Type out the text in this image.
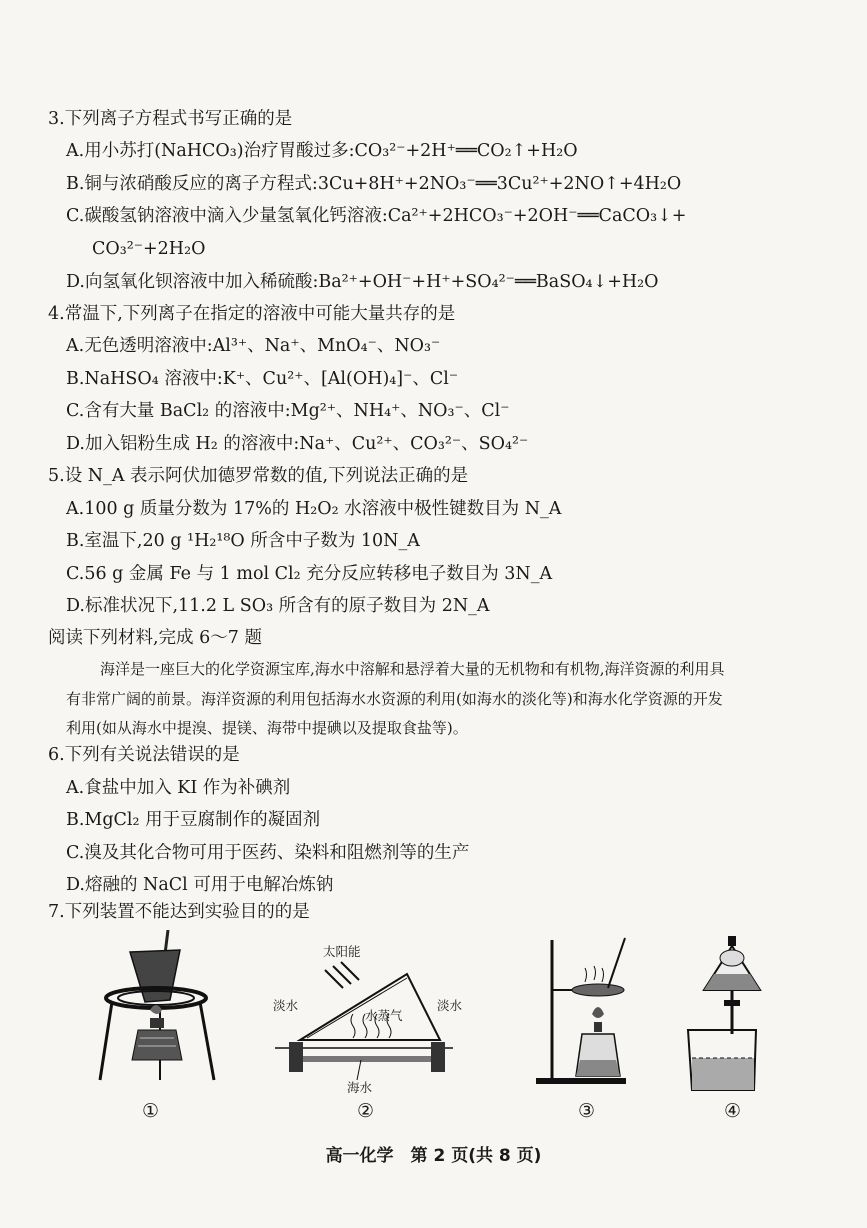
3.下列离子方程式书写正确的是
A.用小苏打(NaHCO₃)治疗胃酸过多:CO₃²⁻+2H⁺══CO₂↑+H₂O
B.铜与浓硝酸反应的离子方程式:3Cu+8H⁺+2NO₃⁻══3Cu²⁺+2NO↑+4H₂O
C.碳酸氢钠溶液中滴入少量氢氧化钙溶液:Ca²⁺+2HCO₃⁻+2OH⁻══CaCO₃↓+
CO₃²⁻+2H₂O
D.向氢氧化钡溶液中加入稀硫酸:Ba²⁺+OH⁻+H⁺+SO₄²⁻══BaSO₄↓+H₂O
4.常温下,下列离子在指定的溶液中可能大量共存的是
A.无色透明溶液中:Al³⁺、Na⁺、MnO₄⁻、NO₃⁻
B.NaHSO₄ 溶液中:K⁺、Cu²⁺、[Al(OH)₄]⁻、Cl⁻
C.含有大量 BaCl₂ 的溶液中:Mg²⁺、NH₄⁺、NO₃⁻、Cl⁻
D.加入铝粉生成 H₂ 的溶液中:Na⁺、Cu²⁺、CO₃²⁻、SO₄²⁻
5.设 N_A 表示阿伏加德罗常数的值,下列说法正确的是
A.100 g 质量分数为 17%的 H₂O₂ 水溶液中极性键数目为 N_A
B.室温下,20 g ¹H₂¹⁸O 所含中子数为 10N_A
C.56 g 金属 Fe 与 1 mol Cl₂ 充分反应转移电子数目为 3N_A
D.标准状况下,11.2 L SO₃ 所含有的原子数目为 2N_A
阅读下列材料,完成 6～7 题
海洋是一座巨大的化学资源宝库,海水中溶解和悬浮着大量的无机物和有机物,海洋资源的利用具
有非常广阔的前景。海洋资源的利用包括海水水资源的利用(如海水的淡化等)和海水化学资源的开发
利用(如从海水中提溴、提镁、海带中提碘以及提取食盐等)。
6.下列有关说法错误的是
A.食盐中加入 KI 作为补碘剂
B.MgCl₂ 用于豆腐制作的凝固剂
C.溴及其化合物可用于医药、染料和阻燃剂等的生产
D.熔融的 NaCl 可用于电解冶炼钠
7.下列装置不能达到实验目的的是
太阳能
淡水
水蒸气
淡水
海水
①	②	③	④
高一化学　第 2 页(共 8 页)
